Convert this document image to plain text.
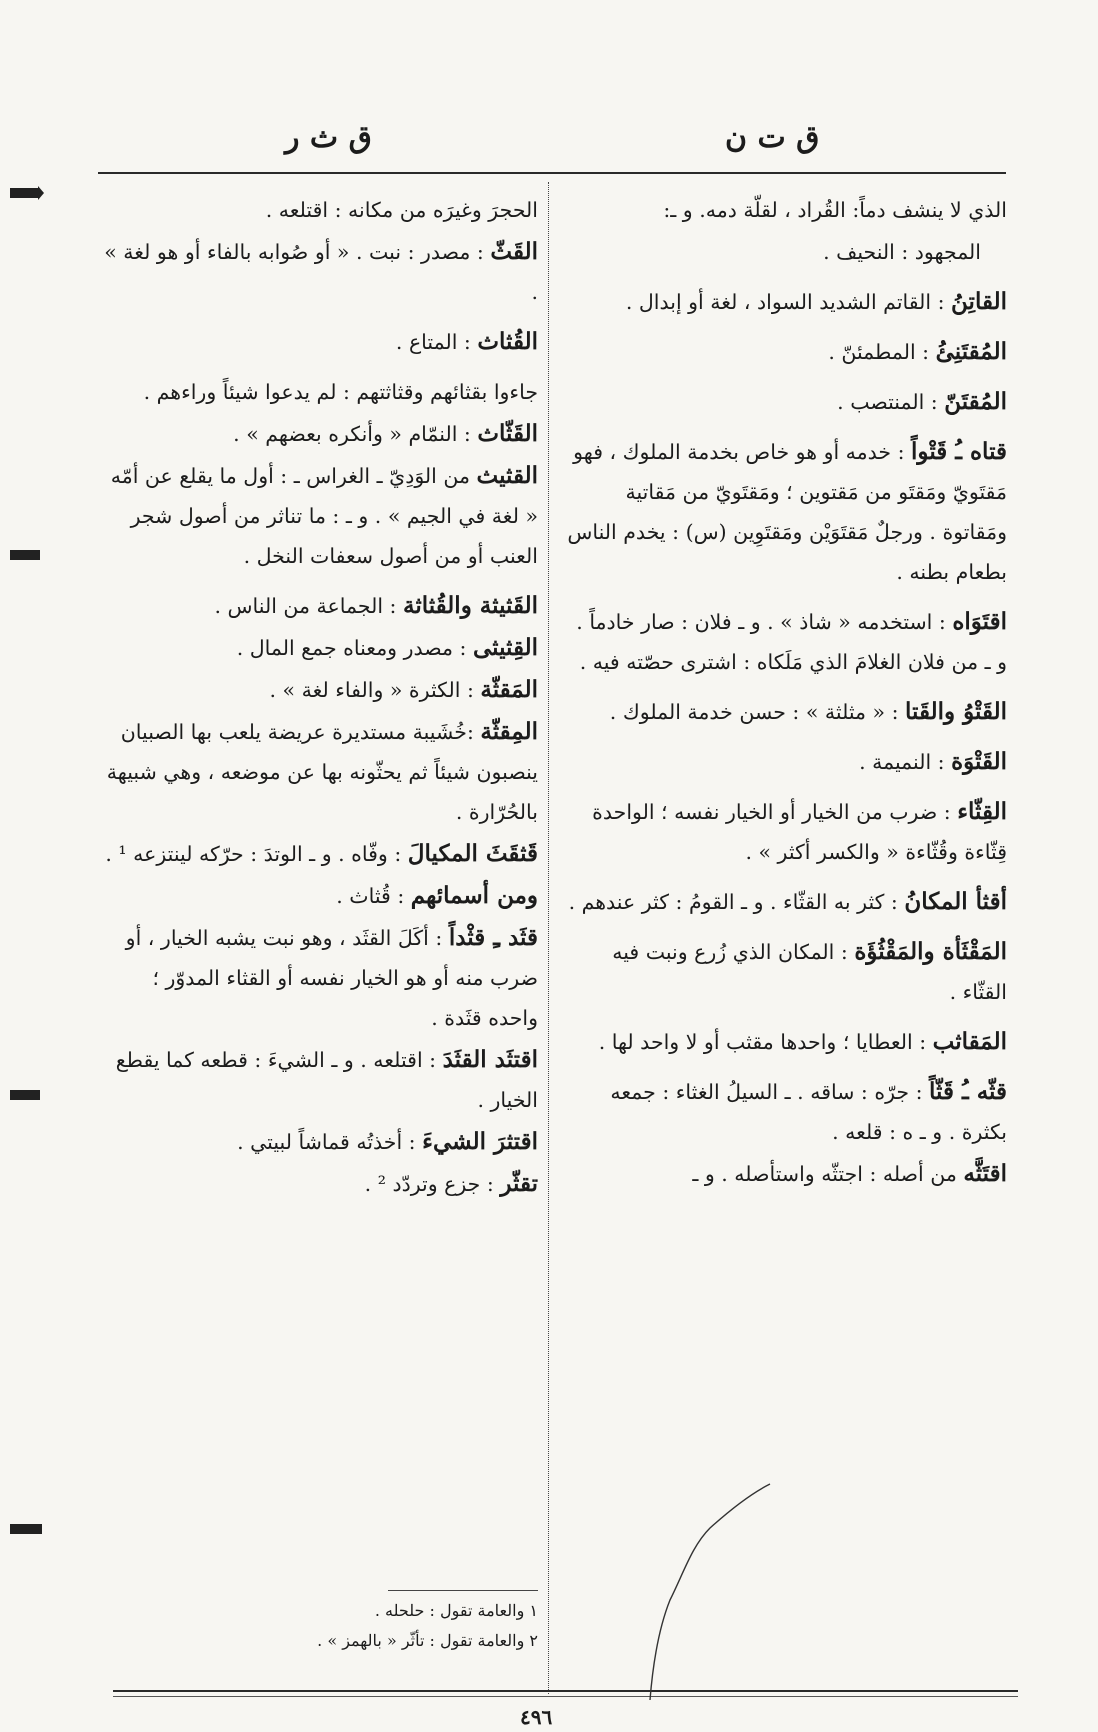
ق ت ن
ق ث ر
الذي لا ينشف دماً: القُراد ، لقلّة دمه. و ـ:
المجهود : النحيف .
القاتِنُ : القاتم الشديد السواد ، لغة أو إبدال .
المُقتَنِئُ : المطمئنّ .
المُقتَنّ : المنتصب .
قتاه ـُ قَتْواً : خدمه أو هو خاص بخدمة الملوك ، فهو مَقتَويّ ومَقتَو من مَقتوين ؛ ومَقتَويّ من مَقاتية ومَقاتوة . ورجلٌ مَقتَوَيْن ومَقتَوِين (س) : يخدم الناس بطعام بطنه .
اقتَوَاه : استخدمه « شاذ » . و ـ فلان : صار خادماً . و ـ من فلان الغلامَ الذي مَلَكاه : اشترى حصّته فيه .
القَتْوُ والقَتا : « مثلثة » : حسن خدمة الملوك .
القَتْوَة : النميمة .
القِثّاء : ضرب من الخيار أو الخيار نفسه ؛ الواحدة قِثّاءة وقُثّاءة « والكسر أكثر » .
أقثأ المكانُ : كثر به القثّاء . و ـ القومُ : كثر عندهم .
المَقْثَأة والمَقْثُؤَة : المكان الذي زُرع ونبت فيه القثّاء .
المَقاثب : العطايا ؛ واحدها مقثب أو لا واحد لها .
قثّه ـُ قَثّاً : جرّه : ساقه . ـ السيلُ الغثاء : جمعه بكثرة . و ـ ه : قلعه .
اقتَثَّه من أصله : اجتثّه واستأصله . و ـ
الحجرَ وغيرَه من مكانه : اقتلعه .
القَثّ : مصدر : نبت . « أو صُوابه بالفاء أو هو لغة » .
القُثاث : المتاع .
جاءوا بقثائهم وقثاثتهم : لم يدعوا شيئاً وراءهم .
القَثّاث : النمّام « وأنكره بعضهم » .
القثيث من الوَدِيّ ـ الغراس ـ : أول ما يقلع عن أمّه « لغة في الجيم » . و ـ : ما تناثر من أصول شجر العنب أو من أصول سعفات النخل .
القَثيثة والقُثاثة : الجماعة من الناس .
القِثيثى : مصدر ومعناه جمع المال .
المَقثّة : الكثرة « والفاء لغة » .
المِقثّة :خُشَيبة مستديرة عريضة يلعب بها الصبيان ينصبون شيئاً ثم يحثّونه بها عن موضعه ، وهي شبيهة بالحُرّارة .
قَثقَثَ المكيالَ : وفّاه . و ـ الوتدَ : حرّكه لينتزعه ¹ .
ومن أسمائهم : قُثاث .
قثَد ـِ قثْداً : أكَلَ القثَد ، وهو نبت يشبه الخيار ، أو ضرب منه أو هو الخيار نفسه أو القثاء المدوّر ؛ واحده قثَدة .
اقتثَد القثَدَ : اقتلعه . و ـ الشيءَ : قطعه كما يقطع الخيار .
اقتثرَ الشيءَ : أخذتُه قماشاً لبيتي .
تقثّر : جزع وتردّد ² .
١ والعامة تقول : حلحله .
٢ والعامة تقول : تأثّر « بالهمز » .
٤٩٦
